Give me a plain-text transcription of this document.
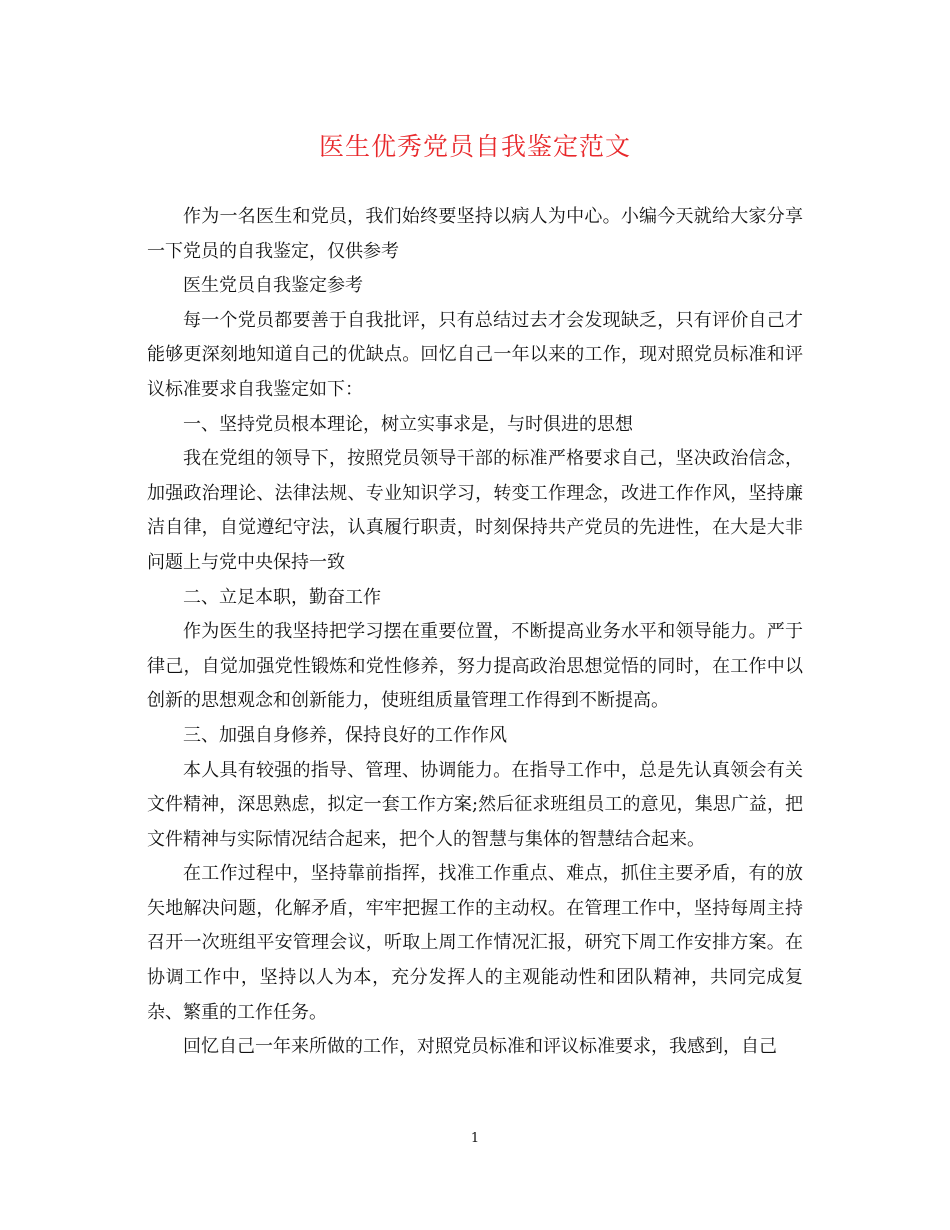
医生优秀党员自我鉴定范文

作为一名医生和党员，我们始终要坚持以病人为中心。小编今天就给大家分享一下党员的自我鉴定，仅供参考

医生党员自我鉴定参考

每一个党员都要善于自我批评，只有总结过去才会发现缺乏，只有评价自己才能够更深刻地知道自己的优缺点。回忆自己一年以来的工作，现对照党员标准和评议标准要求自我鉴定如下：

一、坚持党员根本理论，树立实事求是，与时俱进的思想

我在党组的领导下，按照党员领导干部的标准严格要求自己，坚决政治信念，加强政治理论、法律法规、专业知识学习，转变工作理念，改进工作作风，坚持廉洁自律，自觉遵纪守法，认真履行职责，时刻保持共产党员的先进性，在大是大非问题上与党中央保持一致

二、立足本职，勤奋工作

作为医生的我坚持把学习摆在重要位置，不断提高业务水平和领导能力。严于律己，自觉加强党性锻炼和党性修养，努力提高政治思想觉悟的同时，在工作中以创新的思想观念和创新能力，使班组质量管理工作得到不断提高。

三、加强自身修养，保持良好的工作作风

本人具有较强的指导、管理、协调能力。在指导工作中，总是先认真领会有关文件精神，深思熟虑，拟定一套工作方案;然后征求班组员工的意见，集思广益，把文件精神与实际情况结合起来，把个人的智慧与集体的智慧结合起来。

在工作过程中，坚持靠前指挥，找准工作重点、难点，抓住主要矛盾，有的放矢地解决问题，化解矛盾，牢牢把握工作的主动权。在管理工作中，坚持每周主持召开一次班组平安管理会议，听取上周工作情况汇报，研究下周工作安排方案。在协调工作中，坚持以人为本，充分发挥人的主观能动性和团队精神，共同完成复杂、繁重的工作任务。

回忆自己一年来所做的工作，对照党员标准和评议标准要求，我感到，自己

1
